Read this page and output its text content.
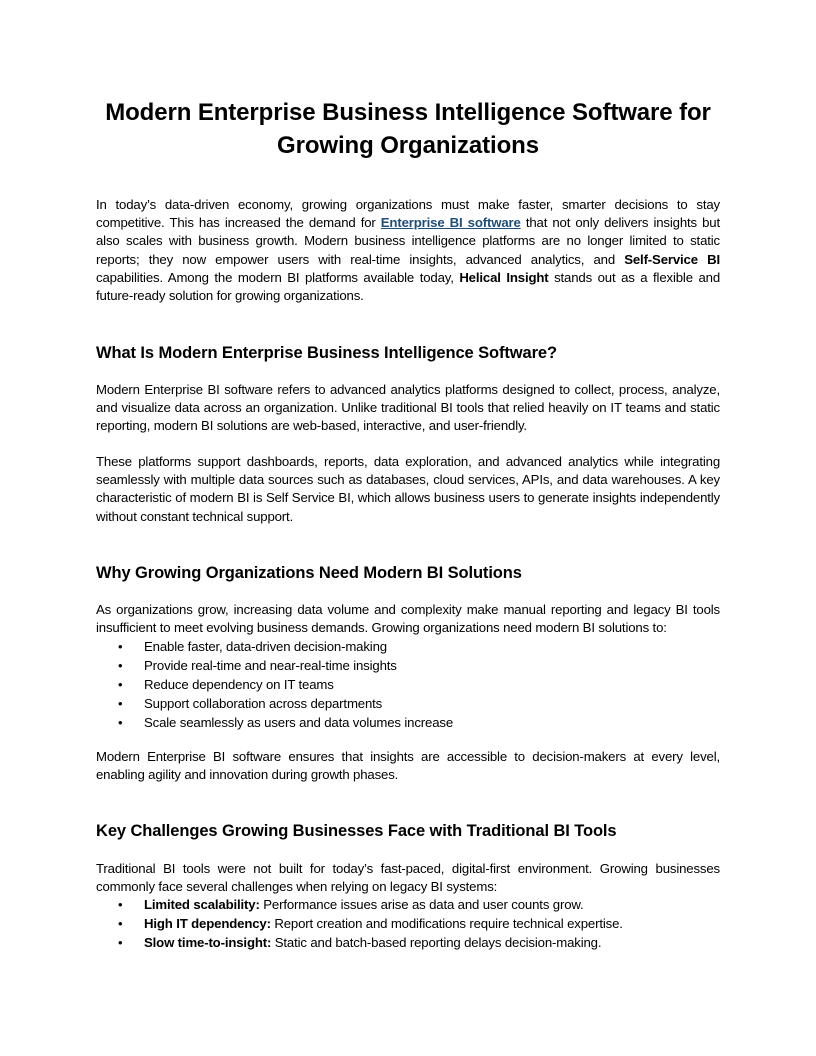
Modern Enterprise Business Intelligence Software for
Growing Organizations

In today’s data-driven economy, growing organizations must make faster, smarter decisions to stay competitive. This has increased the demand for Enterprise BI software that not only delivers insights but also scales with business growth. Modern business intelligence platforms are no longer limited to static reports; they now empower users with real-time insights, advanced analytics, and Self-Service BI capabilities. Among the modern BI platforms available today, Helical Insight stands out as a flexible and future-ready solution for growing organizations.

What Is Modern Enterprise Business Intelligence Software?

Modern Enterprise BI software refers to advanced analytics platforms designed to collect, process, analyze, and visualize data across an organization. Unlike traditional BI tools that relied heavily on IT teams and static reporting, modern BI solutions are web-based, interactive, and user-friendly.

These platforms support dashboards, reports, data exploration, and advanced analytics while integrating seamlessly with multiple data sources such as databases, cloud services, APIs, and data warehouses. A key characteristic of modern BI is Self Service BI, which allows business users to generate insights independently without constant technical support.

Why Growing Organizations Need Modern BI Solutions

As organizations grow, increasing data volume and complexity make manual reporting and legacy BI tools insufficient to meet evolving business demands. Growing organizations need modern BI solutions to:

• Enable faster, data-driven decision-making
• Provide real-time and near-real-time insights
• Reduce dependency on IT teams
• Support collaboration across departments
• Scale seamlessly as users and data volumes increase

Modern Enterprise BI software ensures that insights are accessible to decision-makers at every level, enabling agility and innovation during growth phases.

Key Challenges Growing Businesses Face with Traditional BI Tools

Traditional BI tools were not built for today’s fast-paced, digital-first environment. Growing businesses commonly face several challenges when relying on legacy BI systems:

• Limited scalability: Performance issues arise as data and user counts grow.
• High IT dependency: Report creation and modifications require technical expertise.
• Slow time-to-insight: Static and batch-based reporting delays decision-making.
